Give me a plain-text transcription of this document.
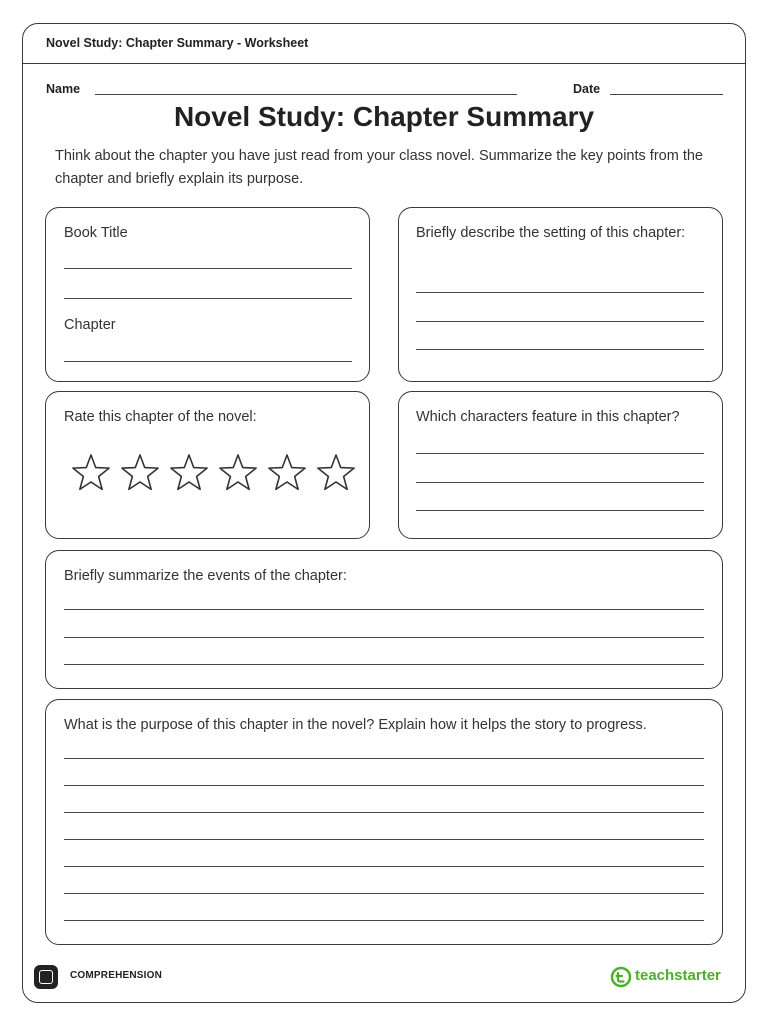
Novel Study: Chapter Summary - Worksheet
Name	Date
Novel Study: Chapter Summary
Think about the chapter you have just read from your class novel. Summarize the key points from the chapter and briefly explain its purpose.
Book Title
Chapter
Briefly describe the setting of this chapter:
Rate this chapter of the novel:	Which characters feature in this chapter?
Briefly summarize the events of the chapter:
What is the purpose of this chapter in the novel? Explain how it helps the story to progress.
COMPREHENSION	teachstarter
